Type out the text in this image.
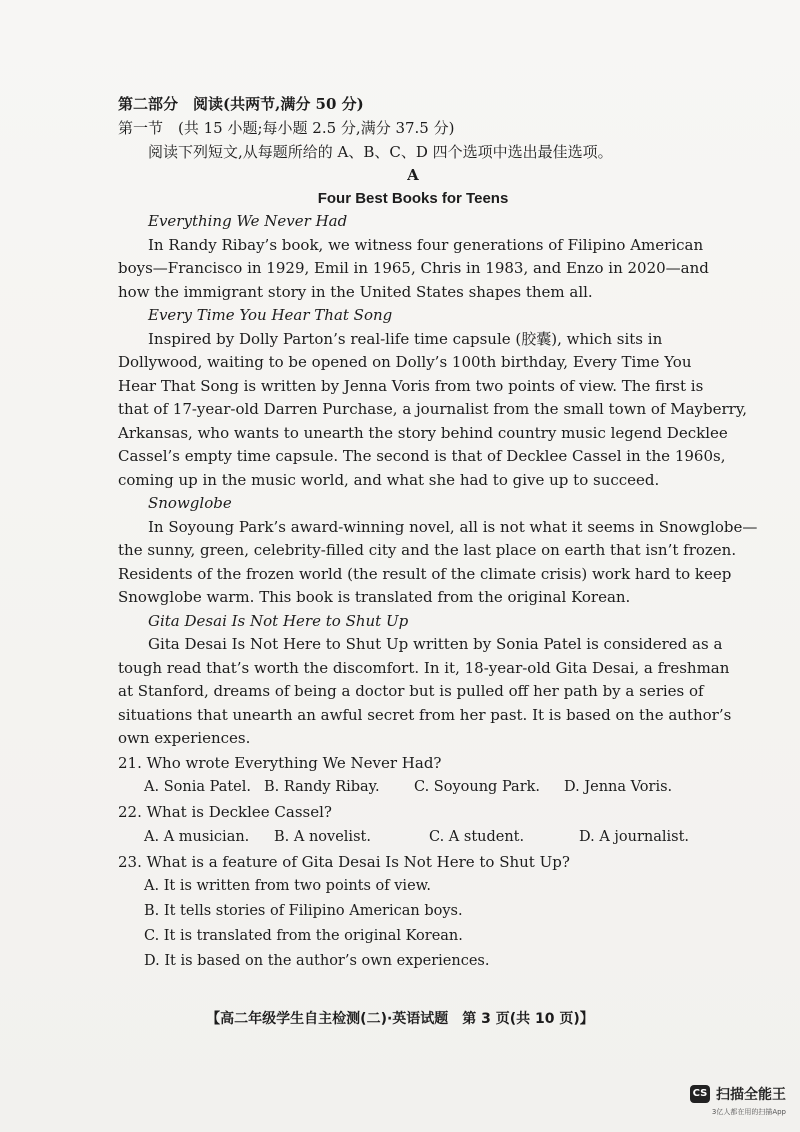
第二部分　阅读(共两节,满分 50 分)
第一节　(共 15 小题;每小题 2.5 分,满分 37.5 分)
阅读下列短文,从每题所给的 A、B、C、D 四个选项中选出最佳选项。
A
Four Best Books for Teens
Everything We Never Had
In Randy Ribay’s book, we witness four generations of Filipino American
boys—Francisco in 1929, Emil in 1965, Chris in 1983, and Enzo in 2020—and
how the immigrant story in the United States shapes them all.
Every Time You Hear That Song
Inspired by Dolly Parton’s real-life time capsule (胶囊), which sits in
Dollywood, waiting to be opened on Dolly’s 100th birthday, Every Time You
Hear That Song is written by Jenna Voris from two points of view. The first is
that of 17-year-old Darren Purchase, a journalist from the small town of Mayberry,
Arkansas, who wants to unearth the story behind country music legend Decklee
Cassel’s empty time capsule. The second is that of Decklee Cassel in the 1960s,
coming up in the music world, and what she had to give up to succeed.
Snowglobe
In Soyoung Park’s award-winning novel, all is not what it seems in Snowglobe—
the sunny, green, celebrity-filled city and the last place on earth that isn’t frozen.
Residents of the frozen world (the result of the climate crisis) work hard to keep
Snowglobe warm. This book is translated from the original Korean.
Gita Desai Is Not Here to Shut Up
Gita Desai Is Not Here to Shut Up written by Sonia Patel is considered as a
tough read that’s worth the discomfort. In it, 18-year-old Gita Desai, a freshman
at Stanford, dreams of being a doctor but is pulled off her path by a series of
situations that unearth an awful secret from her past. It is based on the author’s
own experiences.
21. Who wrote Everything We Never Had?
A. Sonia Patel. B. Randy Ribay.	C. Soyoung Park.	D. Jenna Voris.
22. What is Decklee Cassel?
A. A musician.	B. A novelist.	C. A student.	D. A journalist.
23. What is a feature of Gita Desai Is Not Here to Shut Up?
A. It is written from two points of view.
B. It tells stories of Filipino American boys.
C. It is translated from the original Korean.
D. It is based on the author’s own experiences.
【高二年级学生自主检测(二)·英语试题　第 3 页(共 10 页)】
CS 扫描全能王
3亿人都在用的扫描App
